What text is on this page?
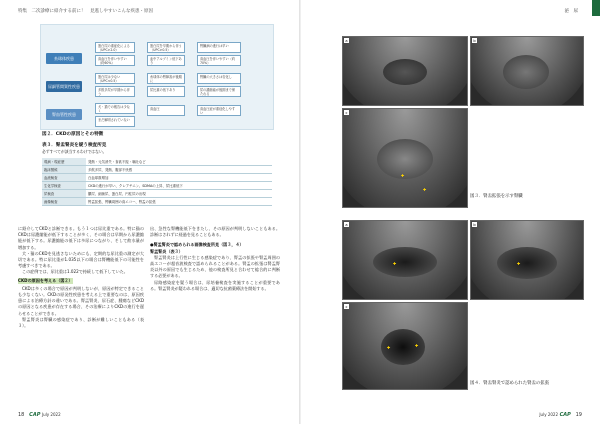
特集　二次診療に紹介する前に！　見逃しやすいこんな疾患・原因
糸球体疾患
尿細管間質性疾患
腎血管性疾患
蛋白尿の重症化による（UPC>2.0）
高血圧を伴いやすい（約60%）
蛋白尿は少ない（UPC<0.5）
多飲多尿が早期から伴う
犬・猫での報告は少なく
まだ解明されていない
蛋白尿を早期から伴う（UPC>0.5）
血中アルブミン低下あり
糸球体の腎障害が後期に
尿比重の低下あり
高血圧
腎臓病の進行は早い
高血圧を伴いやすい（約70%）
腎臓の大きさは変化し
尿の濃縮能が後期まで保たれる
高血圧症が重症化しやすい
図２．CKDの原因とその特徴
表３．腎盂腎炎を疑う検査所見
必ずすべてが該当するわけではない。
現病・現症歴	発熱・元気消失・食欲不振・嘔吐など
臨床徴候	多飲多尿、発熱、腹部不快感
血液検査	白血球数増加
生化学検査	CKDの進行が早い、クレアチニン、SDMAの上昇、尿比重低下
尿検査	膿尿、細菌尿、蛋白尿、円柱尿の出現
画像検査	腎盂拡張、腎臓周囲の高エコー、腎盂の拡張

に紹介してCKDと診断できる。もう１つは尿比重である。特に猫のCKDは尿濃縮能が低下することが多く、その場合は早期から尿濃縮能が低下する。尿濃縮能の低下は多尿につながり、そして飲水量が増加する。

犬・猫のCKDを見逃さないためにも、定期的な尿比重の測定が大切である。特に尿比重が1.035以下の場合は腎機能低下の可能性を考慮すべきである。

この症例では、尿比重は1.022で持続して低下していた。

CKDの原因を考える（図２）

CKDは多くの場合で原因が判明しないが、原因が特定できることも少なくない。CKDの原発性疾患を考える上で重要なのは、原因疾患による治療方針の違いである。腎盂腎炎、尿石症、腫瘍などCKDの原因となる疾患が存在する場合、その治療によりCKDの進行を遅らせることができる。

腎盂腎炎は腎臓の感染症であり、診断が難しいこともある（表３）。

出、急性な腎機能低下をきたし、その原因が判明しないこともある。診断はされずに経過を見ることもある。

●腎盂腎炎で認められる画像検査所見（図３，４）

腎盂腎炎（表３）

腎盂腎炎は上行性に生じる感染症であり、腎盂の拡張や腎盂周囲の高エコーが超音波検査で認められることがある。腎盂の拡張は腎盂腎炎以外の原因でも生じるため、他の検査所見と合わせて総合的に判断する必要がある。

尿路感染症を疑う場合は、尿培養検査を実施することが重要である。腎盂腎炎が疑われる場合は、適切な抗菌薬療法を開始する。

18 CAP July 2022
泌　尿
a	b
✚
✚
c
図３．腎盂拡張を示す腎臓
✚
a
✚
b
✚	✚
c
図４．腎盂腎炎で認められた腎盂の拡張
July 2022 CAP 19
